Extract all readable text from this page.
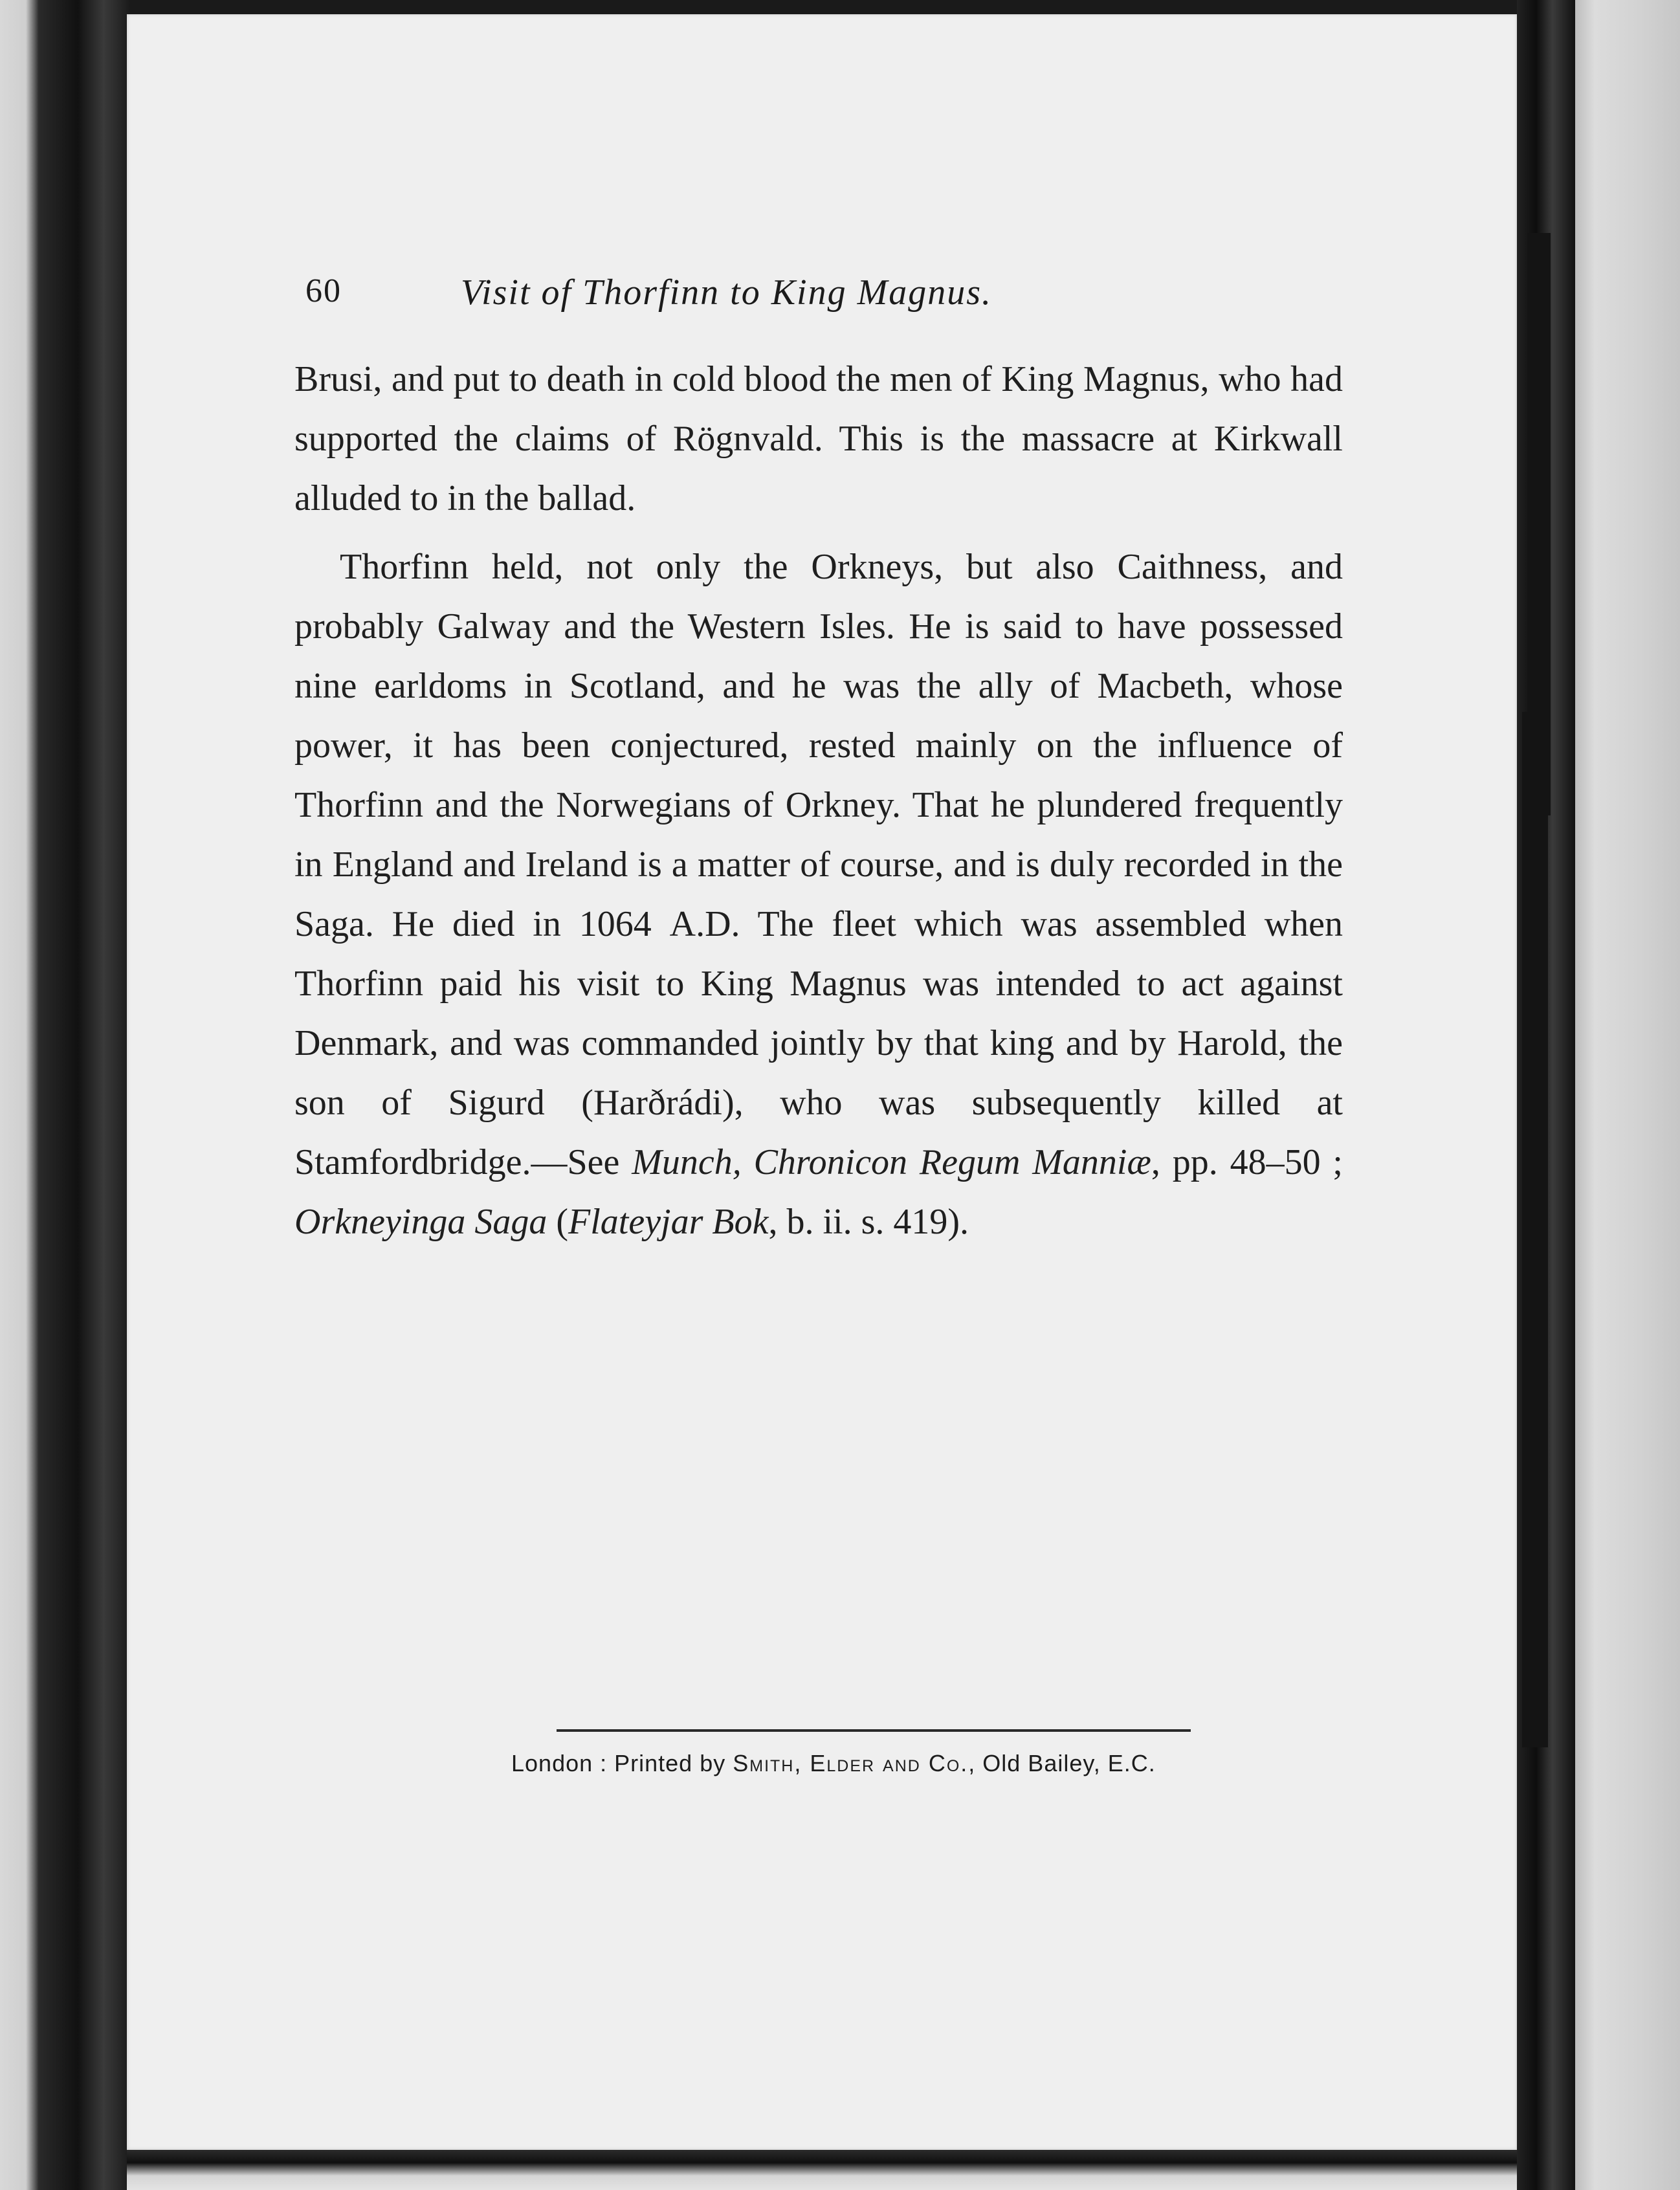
60	Visit of Thorfinn to King Magnus.

Brusi, and put to death in cold blood the men of King Magnus, who had supported the claims of Rögnvald. This is the massacre at Kirkwall alluded to in the ballad.

Thorfinn held, not only the Orkneys, but also Caithness, and probably Galway and the Western Isles. He is said to have possessed nine earldoms in Scotland, and he was the ally of Macbeth, whose power, it has been conjectured, rested mainly on the influence of Thorfinn and the Norwegians of Orkney. That he plundered frequently in England and Ireland is a matter of course, and is duly recorded in the Saga. He died in 1064 A.D. The fleet which was assembled when Thorfinn paid his visit to King Magnus was intended to act against Denmark, and was commanded jointly by that king and by Harold, the son of Sigurd (Harðrádi), who was subsequently killed at Stamfordbridge.—See Munch, Chronicon Regum Manniæ, pp. 48–50 ; Orkneyinga Saga (Flateyjar Bok, b. ii. s. 419).

London : Printed by Smith, Elder and Co., Old Bailey, E.C.
